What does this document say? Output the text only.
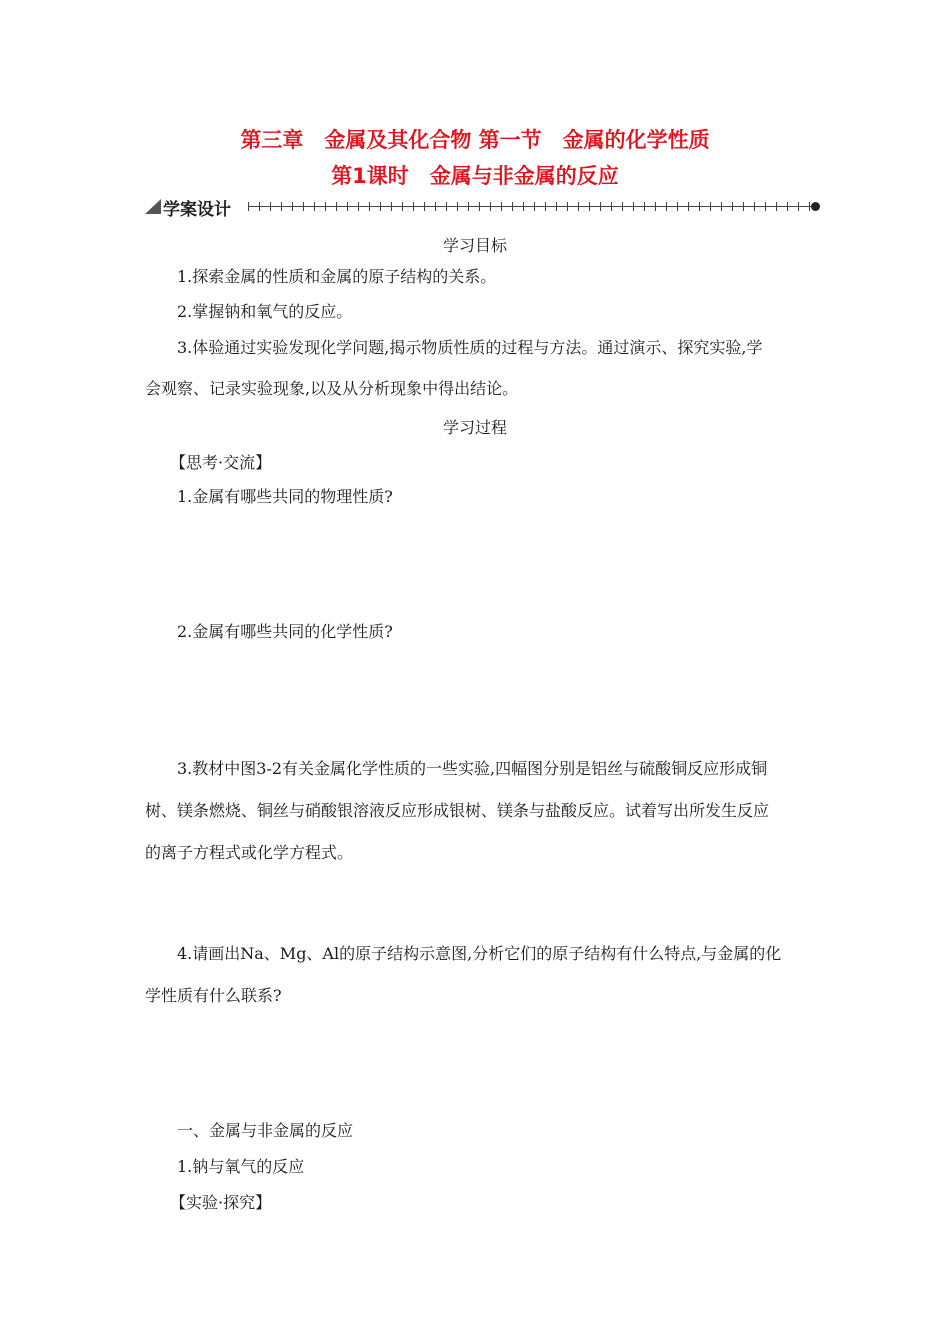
第三章　金属及其化合物 第一节　金属的化学性质
第1课时　金属与非金属的反应
学案设计
学习目标
1.探索金属的性质和金属的原子结构的关系。
2.掌握钠和氧气的反应。
3.体验通过实验发现化学问题,揭示物质性质的过程与方法。通过演示、探究实验,学
会观察、记录实验现象,以及从分析现象中得出结论。
学习过程
【思考·交流】
1.金属有哪些共同的物理性质?
2.金属有哪些共同的化学性质?
3.教材中图3-2有关金属化学性质的一些实验,四幅图分别是铝丝与硫酸铜反应形成铜
树、镁条燃烧、铜丝与硝酸银溶液反应形成银树、镁条与盐酸反应。试着写出所发生反应
的离子方程式或化学方程式。
4.请画出Na、Mg、Al的原子结构示意图,分析它们的原子结构有什么特点,与金属的化
学性质有什么联系?
一、金属与非金属的反应
1.钠与氧气的反应
【实验·探究】
